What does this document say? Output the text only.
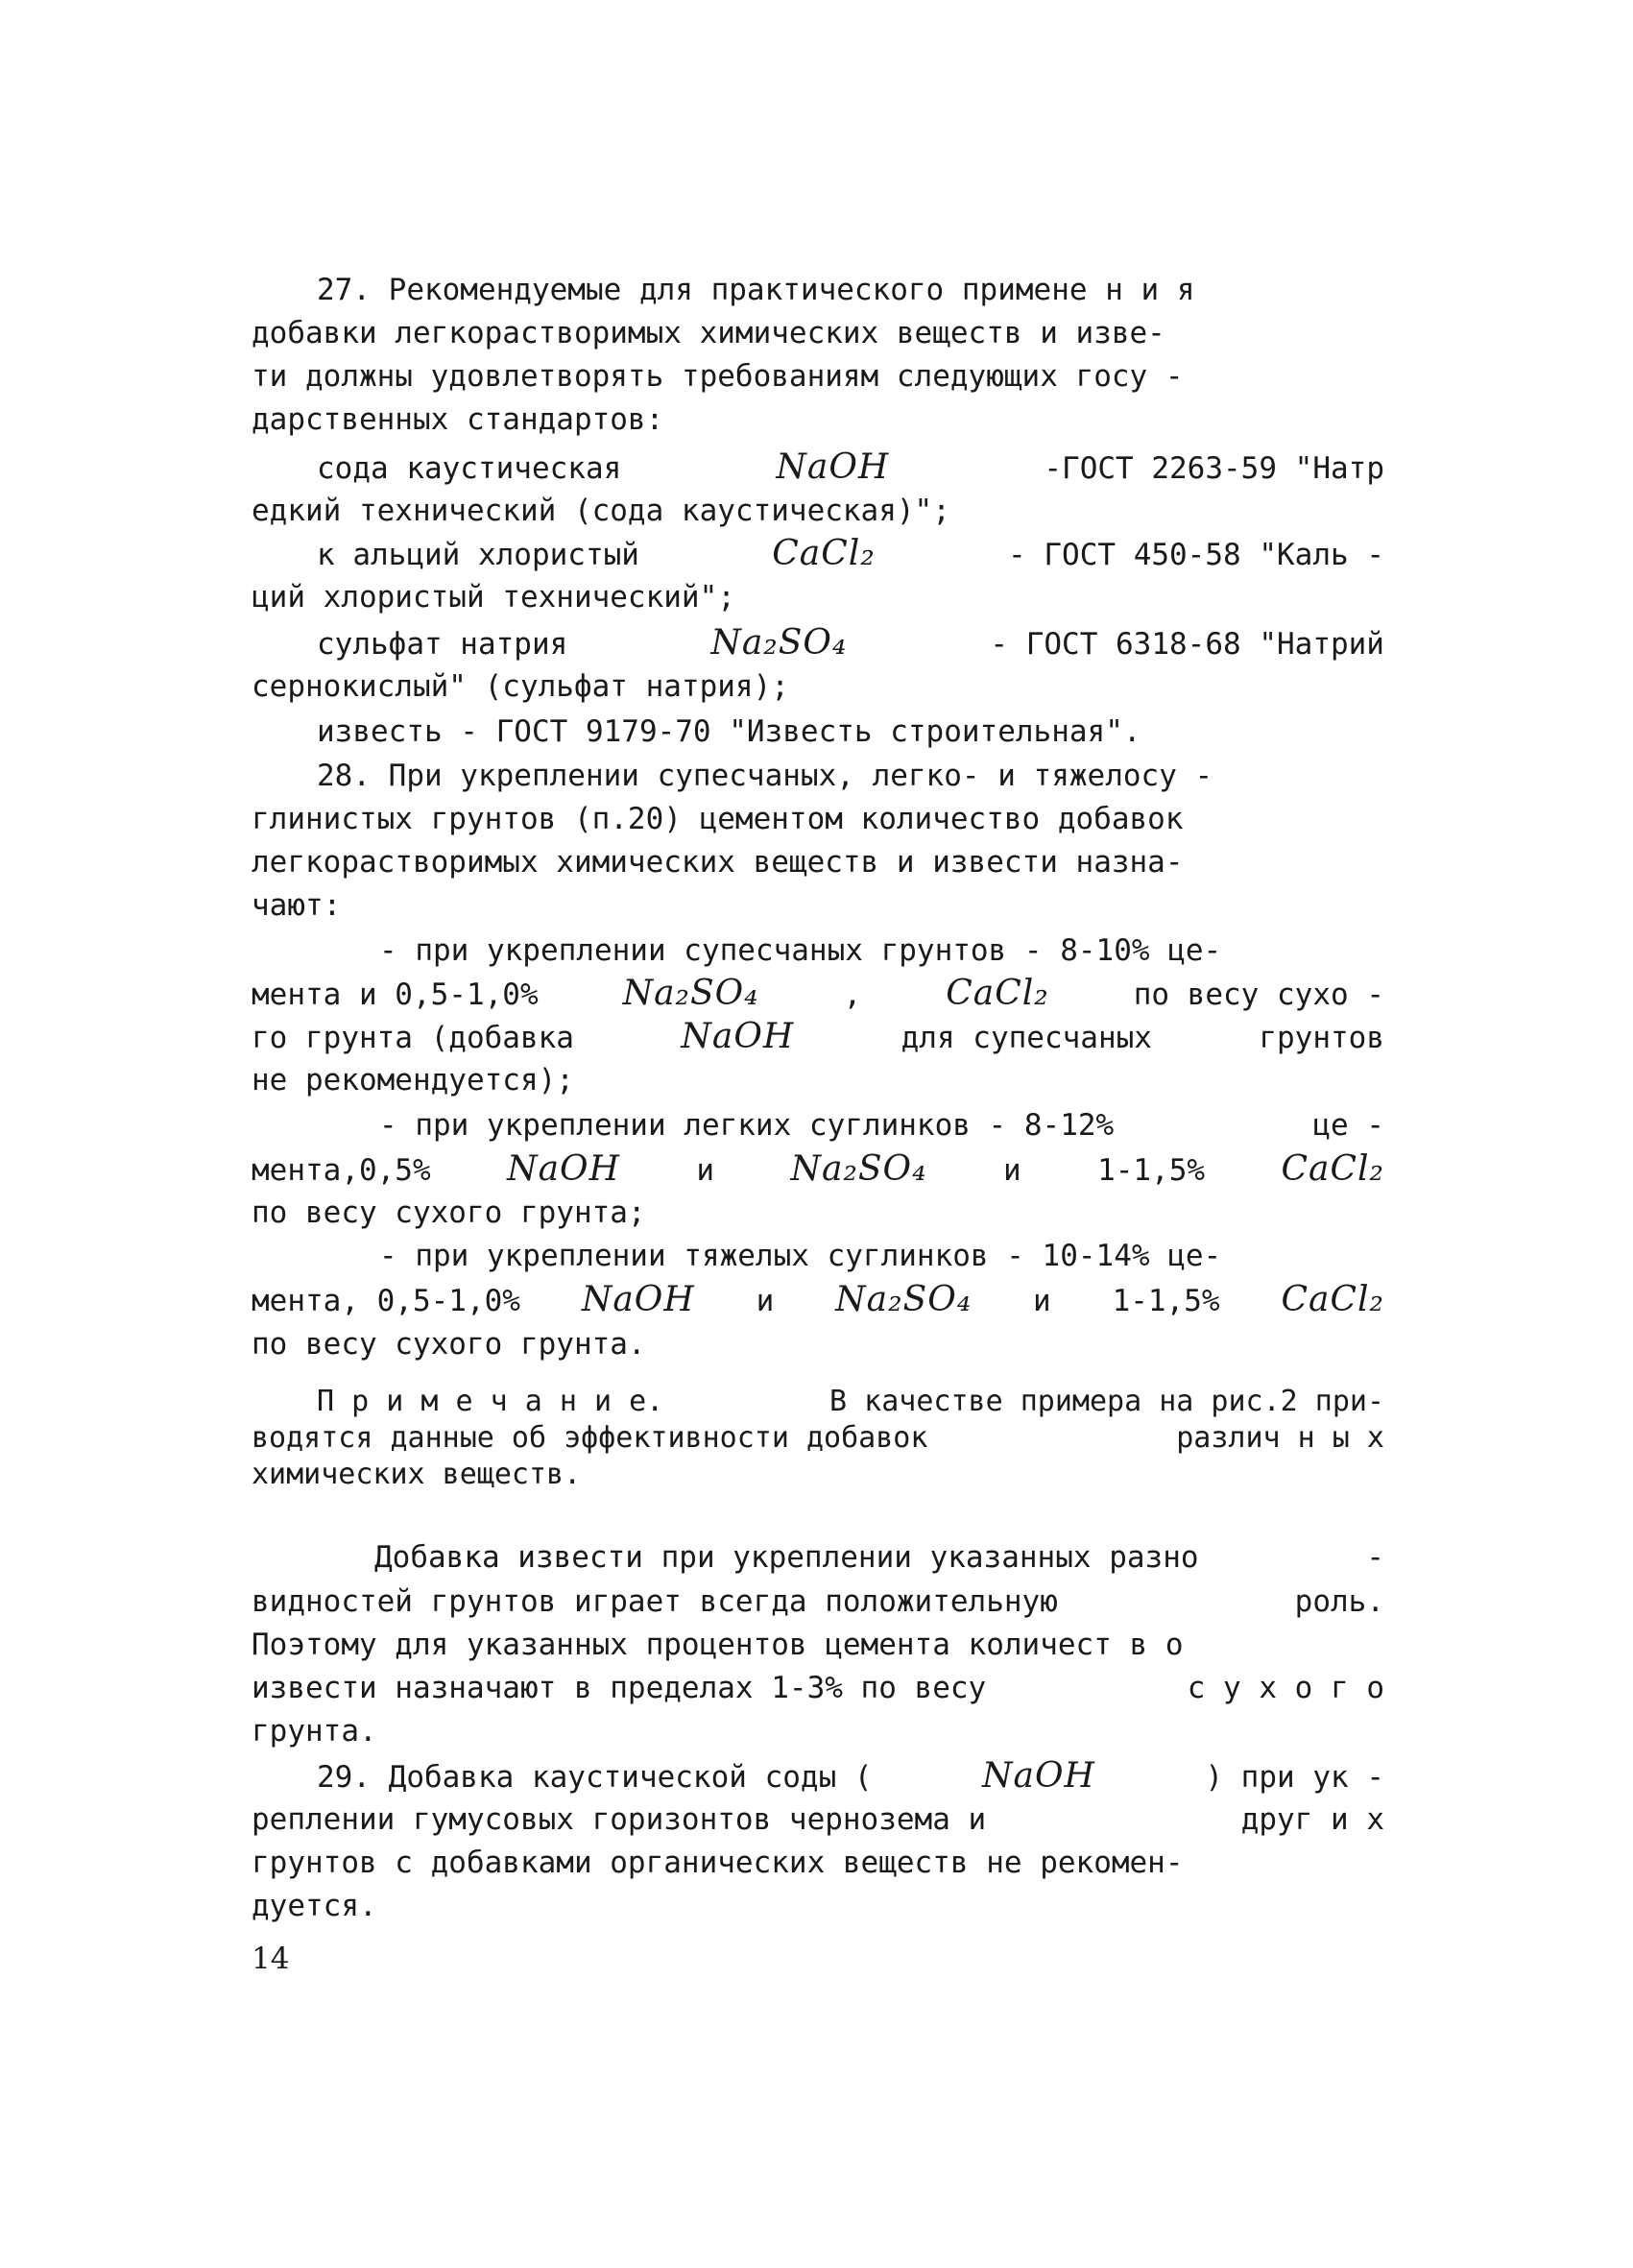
27. Рекомендуемые для практического примене н и я
добавки легкорастворимых химических веществ и изве-
ти должны удовлетворять требованиям следующих госу -
дарственных стандартов:
сода каустическая	NaOH	-ГОСТ 2263-59 "Натр
едкий технический (сода каустическая)";
к альций хлористый	CaCl₂	- ГОСТ 450-58 "Каль -
ций хлористый технический";
сульфат натрия	Na₂SO₄	- ГОСТ 6318-68 "Натрий
сернокислый" (сульфат натрия);
известь - ГОСТ 9179-70 "Известь строительная".
28. При укреплении супесчаных, легко- и тяжелосу -
глинистых грунтов (п.20) цементом количество добавок
легкорастворимых химических веществ и извести назна-
чают:
- при укреплении супесчаных грунтов - 8-10% це-
мента и 0,5-1,0% Na₂SO₄	, CaCl₂	по весу сухо -
го грунта (добавка	NaOH	для супесчаных	грунтов
не рекомендуется);
- при укреплении легких суглинков - 8-12%	це -
мента,0,5% NaOH	и Na₂SO₄	и	1-1,5% CaCl₂
по весу сухого грунта;
- при укреплении тяжелых суглинков - 10-14% це-
мента, 0,5-1,0% NaOH и Na₂SO₄ и 1-1,5% CaCl₂
по весу сухого грунта.
П р и м е ч а н и е.	В качестве примера на рис.2 при-
водятся данные об эффективности добавок	различ н ы х
химических веществ.
Добавка извести при укреплении указанных разно	-
видностей грунтов играет всегда положительную	роль.
Поэтому для указанных процентов цемента количест в о
извести назначают в пределах 1-3% по весу	с у х о г о
грунта.
29. Добавка каустической соды (	NaOH	) при ук -
реплении гумусовых горизонтов чернозема и	друг и х
грунтов с добавками органических веществ не рекомен-
дуется.
14
